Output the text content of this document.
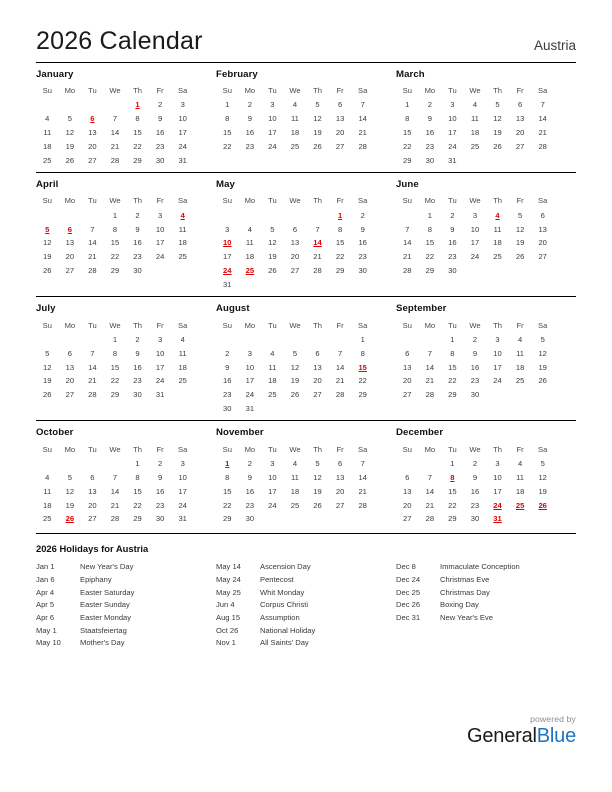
2026 Calendar	Austria
January
Su	Mo	Tu	We	Th	Fr	Sa
				1	2	3
4	5	6	7	8	9	10
11	12	13	14	15	16	17
18	19	20	21	22	23	24
25	26	27	28	29	30	31
February
Su	Mo	Tu	We	Th	Fr	Sa
1	2	3	4	5	6	7
8	9	10	11	12	13	14
15	16	17	18	19	20	21
22	23	24	25	26	27	28
March
Su	Mo	Tu	We	Th	Fr	Sa
1	2	3	4	5	6	7
8	9	10	11	12	13	14
15	16	17	18	19	20	21
22	23	24	25	26	27	28
29	30	31				
April
Su	Mo	Tu	We	Th	Fr	Sa
			1	2	3	4
5	6	7	8	9	10	11
12	13	14	15	16	17	18
19	20	21	22	23	24	25
26	27	28	29	30		
May
Su	Mo	Tu	We	Th	Fr	Sa
					1	2
3	4	5	6	7	8	9
10	11	12	13	14	15	16
17	18	19	20	21	22	23
24	25	26	27	28	29	30
31						
June
Su	Mo	Tu	We	Th	Fr	Sa
	1	2	3	4	5	6
7	8	9	10	11	12	13
14	15	16	17	18	19	20
21	22	23	24	25	26	27
28	29	30				
July
Su	Mo	Tu	We	Th	Fr	Sa
			1	2	3	4
5	6	7	8	9	10	11
12	13	14	15	16	17	18
19	20	21	22	23	24	25
26	27	28	29	30	31	
August
Su	Mo	Tu	We	Th	Fr	Sa
						1
2	3	4	5	6	7	8
9	10	11	12	13	14	15
16	17	18	19	20	21	22
23	24	25	26	27	28	29
30	31					
September
Su	Mo	Tu	We	Th	Fr	Sa
		1	2	3	4	5
6	7	8	9	10	11	12
13	14	15	16	17	18	19
20	21	22	23	24	25	26
27	28	29	30			
October
Su	Mo	Tu	We	Th	Fr	Sa
				1	2	3
4	5	6	7	8	9	10
11	12	13	14	15	16	17
18	19	20	21	22	23	24
25	26	27	28	29	30	31
November
Su	Mo	Tu	We	Th	Fr	Sa
1	2	3	4	5	6	7
8	9	10	11	12	13	14
15	16	17	18	19	20	21
22	23	24	25	26	27	28
29	30					
December
Su	Mo	Tu	We	Th	Fr	Sa
		1	2	3	4	5
6	7	8	9	10	11	12
13	14	15	16	17	18	19
20	21	22	23	24	25	26
27	28	29	30	31		
2026 Holidays for Austria
Jan 1	New Year's Day
Jan 6	Epiphany
Apr 4	Easter Saturday
Apr 5	Easter Sunday
Apr 6	Easter Monday
May 1	Staatsfeiertag
May 10	Mother's Day
May 14	Ascension Day
May 24	Pentecost
May 25	Whit Monday
Jun 4	Corpus Christi
Aug 15	Assumption
Oct 26	National Holiday
Nov 1	All Saints' Day
Dec 8	Immaculate Conception
Dec 24	Christmas Eve
Dec 25	Christmas Day
Dec 26	Boxing Day
Dec 31	New Year's Eve
powered by
GeneralBlue
